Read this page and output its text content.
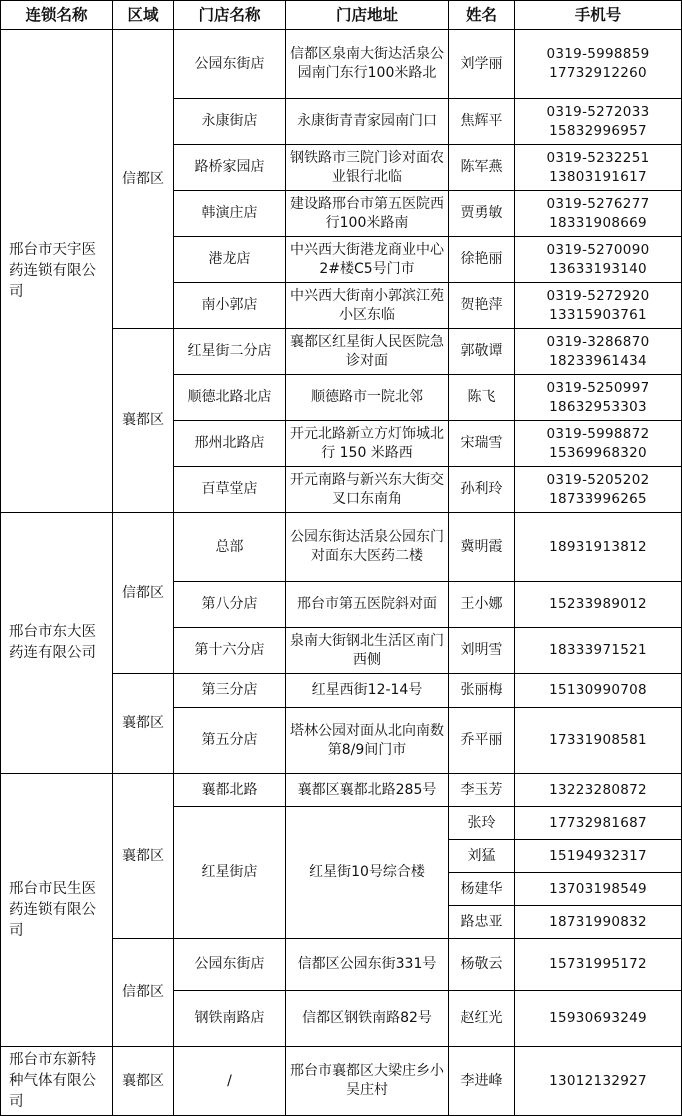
连锁名称	区域	门店名称	门店地址	姓名	手机号
邢台市天宇医药连锁有限公司	信都区	公园东街店	信都区泉南大街达活泉公园南门东行100米路北	刘学丽	0319-5998859
17732912260
		永康街店	永康街青青家园南门口	焦辉平	0319-5272033
15832996957
		路桥家园店	钢铁路市三院门诊对面农业银行北临	陈军燕	0319-5232251
13803191617
		韩演庄店	建设路邢台市第五医院西行100米路南	贾勇敏	0319-5276277
18331908669
		港龙店	中兴西大街港龙商业中心2#楼C5号门市	徐艳丽	0319-5270090
13633193140
		南小郭店	中兴西大街南小郭滨江苑小区东临	贺艳萍	0319-5272920
13315903761
	襄都区	红星街二分店	襄都区红星街人民医院急诊对面	郭敬谭	0319-3286870
18233961434
		顺德北路北店	顺德路市一院北邻	陈飞	0319-5250997
18632953303
		邢州北路店	开元北路新立方灯饰城北行 150 米路西	宋瑞雪	0319-5998872
15369968320
		百草堂店	开元南路与新兴东大街交叉口东南角	孙利玲	0319-5205202
18733996265
邢台市东大医药连有限公司	信都区	总部	公园东街达活泉公园东门对面东大医药二楼	冀明霞	18931913812
		第八分店	邢台市第五医院斜对面	王小娜	15233989012
		第十六分店	泉南大街钢北生活区南门西侧	刘明雪	18333971521
	襄都区	第三分店	红星西街12-14号	张丽梅	15130990708
		第五分店	塔林公园对面从北向南数第8/9间门市	乔平丽	17331908581
邢台市民生医药连锁有限公司	襄都区	襄都北路	襄都区襄都北路285号	李玉芳	13223280872
		红星街店	红星街10号综合楼	张玲	17732981687
				刘猛	15194932317
				杨建华	13703198549
				路忠亚	18731990832
	信都区	公园东街店	信都区公园东街331号	杨敬云	15731995172
		钢铁南路店	信都区钢铁南路82号	赵红光	15930693249
邢台市东新特种气体有限公司	襄都区	/	邢台市襄都区大梁庄乡小吴庄村	李进峰	13012132927
